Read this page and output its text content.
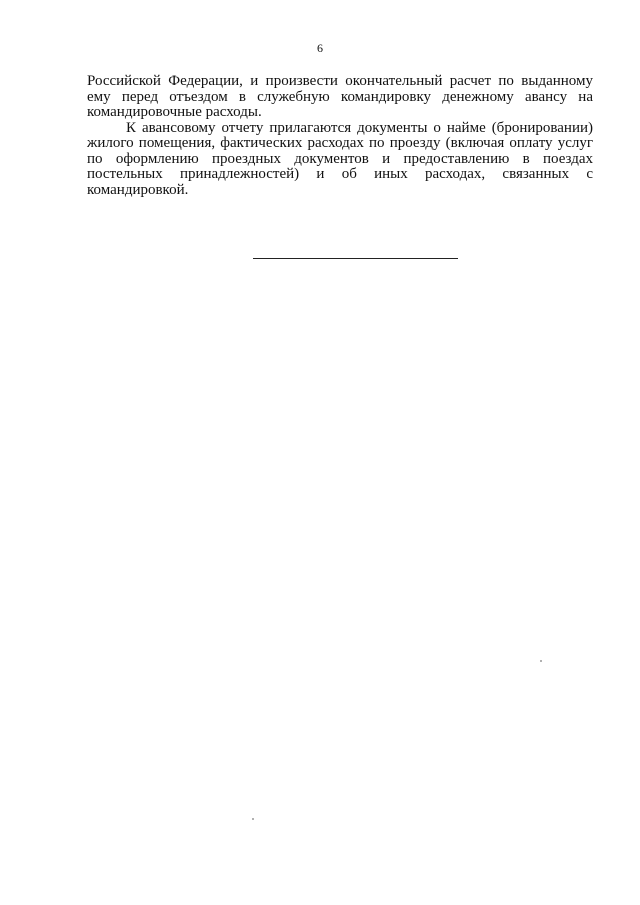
6

Российской Федерации, и произвести окончательный расчет по выданному ему перед отъездом в служебную командировку денежному авансу на командировочные расходы.

К авансовому отчету прилагаются документы о найме (бронировании) жилого помещения, фактических расходах по проезду (включая оплату услуг по оформлению проездных документов и предоставлению в поездах постельных принадлежностей) и об иных расходах, связанных с командировкой.
